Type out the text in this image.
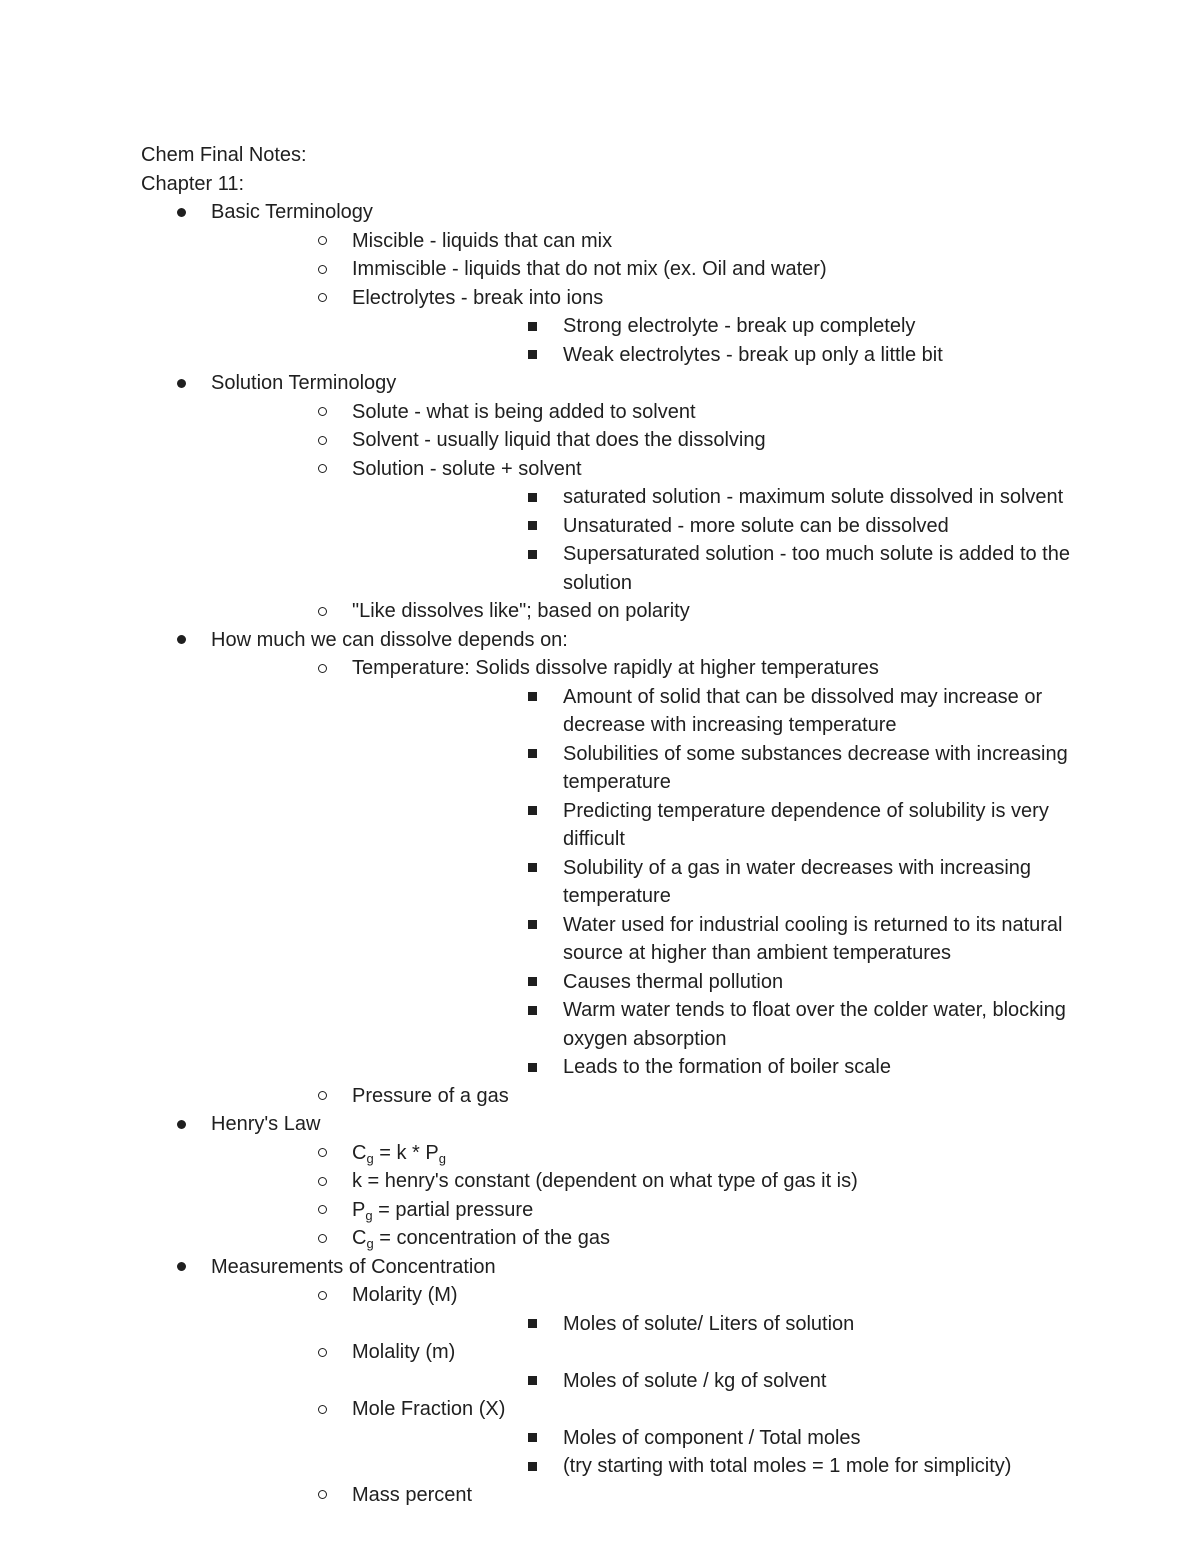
Chem Final Notes:

Chapter 11:

Basic Terminology
Miscible - liquids that can mix
Immiscible - liquids that do not mix (ex. Oil and water)
Electrolytes - break into ions
Strong electrolyte - break up completely
Weak electrolytes - break up only a little bit
Solution Terminology
Solute - what is being added to solvent
Solvent - usually liquid that does the dissolving
Solution - solute + solvent
saturated solution - maximum solute dissolved in solvent
Unsaturated - more solute can be dissolved
Supersaturated solution - too much solute is added to the solution
"Like dissolves like"; based on polarity
How much we can dissolve depends on:
Temperature: Solids dissolve rapidly at higher temperatures
Amount of solid that can be dissolved may increase or decrease with increasing temperature
Solubilities of some substances decrease with increasing temperature
Predicting temperature dependence of solubility is very difficult
Solubility of a gas in water decreases with increasing temperature
Water used for industrial cooling is returned to its natural source at higher than ambient temperatures
Causes thermal pollution
Warm water tends to float over the colder water, blocking oxygen absorption
Leads to the formation of boiler scale
Pressure of a gas
Henry's Law
$C_g = k * P_g$
k = henry's constant (dependent on what type of gas it is)
$P_g$ = partial pressure
$C_g$ = concentration of the gas
Measurements of Concentration
Molarity (M)
Moles of solute/ Liters of solution
Molality (m)
Moles of solute / kg of solvent
Mole Fraction (X)
Moles of component / Total moles
(try starting with total moles = 1 mole for simplicity)
Mass percent
